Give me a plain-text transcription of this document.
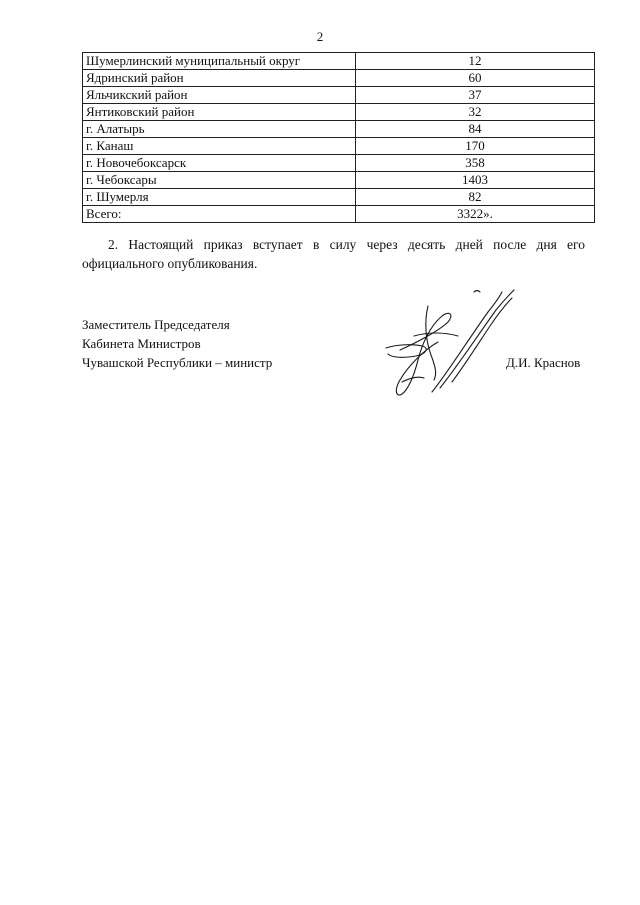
2
Шумерлинский муниципальный округ	12
Ядринский район	60
Яльчикский район	37
Янтиковский район	32
г. Алатырь	84
г. Канаш	170
г. Новочебоксарск	358
г. Чебоксары	1403
г. Шумерля	82
Всего:	3322».
2. Настоящий приказ вступает в силу через десять дней после дня его
официального опубликования.
Заместитель Председателя
Кабинета Министров
Чувашской Республики – министр	Д.И. Краснов
